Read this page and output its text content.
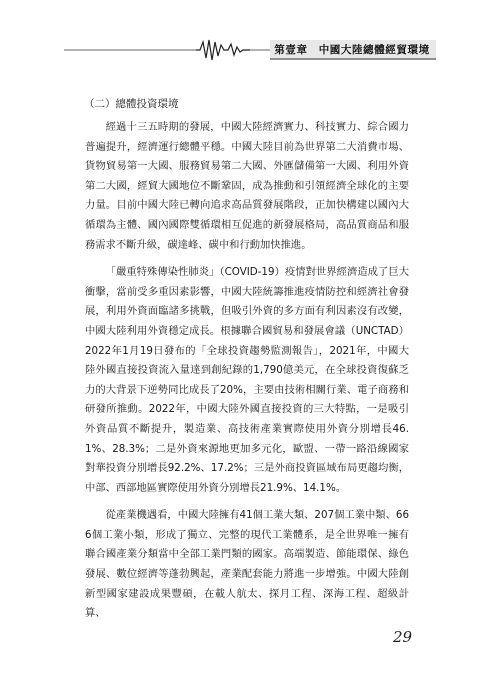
第壹章　中國大陸總體經貿環境
（二）總體投資環境

經過十三五時期的發展，中國大陸經濟實力、科技實力、綜合國力普遍提升，經濟運行總體平穩。中國大陸目前為世界第二大消費市場、貨物貿易第一大國、服務貿易第二大國、外匯儲備第一大國、利用外資第二大國，經貿大國地位不斷鞏固，成為推動和引領經濟全球化的主要力量。目前中國大陸已轉向追求高品質發展階段，正加快構建以國內大循環為主體、國內國際雙循環相互促進的新發展格局，高品質商品和服務需求不斷升級，碳達峰、碳中和行動加快推進。

「嚴重特殊傳染性肺炎」（COVID-19）疫情對世界經濟造成了巨大衝擊，當前受多重因素影響，中國大陸統籌推進疫情防控和經濟社會發展，利用外資面臨諸多挑戰，但吸引外資的多方面有利因素沒有改變，中國大陸利用外資穩定成長。根據聯合國貿易和發展會議（UNCTAD）2022年1月19日發布的「全球投資趨勢監測報告」，2021年，中國大陸外國直接投資流入量達到創紀錄的1,790億美元，在全球投資復蘇乏力的大背景下逆勢同比成長了20%，主要由技術相關行業、電子商務和研發所推動。2022年，中國大陸外國直接投資的三大特點，一是吸引外資品質不斷提升，製造業、高技術產業實際使用外資分別增長46.1%、28.3%；二是外資來源地更加多元化，歐盟、一帶一路沿線國家對華投資分別增長92.2%、17.2%；三是外商投資區域布局更趨均衡，中部、西部地區實際使用外資分別增長21.9%、14.1%。

從產業機遇看，中國大陸擁有41個工業大類、207個工業中類、666個工業小類，形成了獨立、完整的現代工業體系，是全世界唯一擁有聯合國產業分類當中全部工業門類的國家。高端製造、節能環保、綠色發展、數位經濟等蓬勃興起，產業配套能力將進一步增強。中國大陸創新型國家建設成果豐碩，在載人航太、探月工程、深海工程、超級計算、

29
